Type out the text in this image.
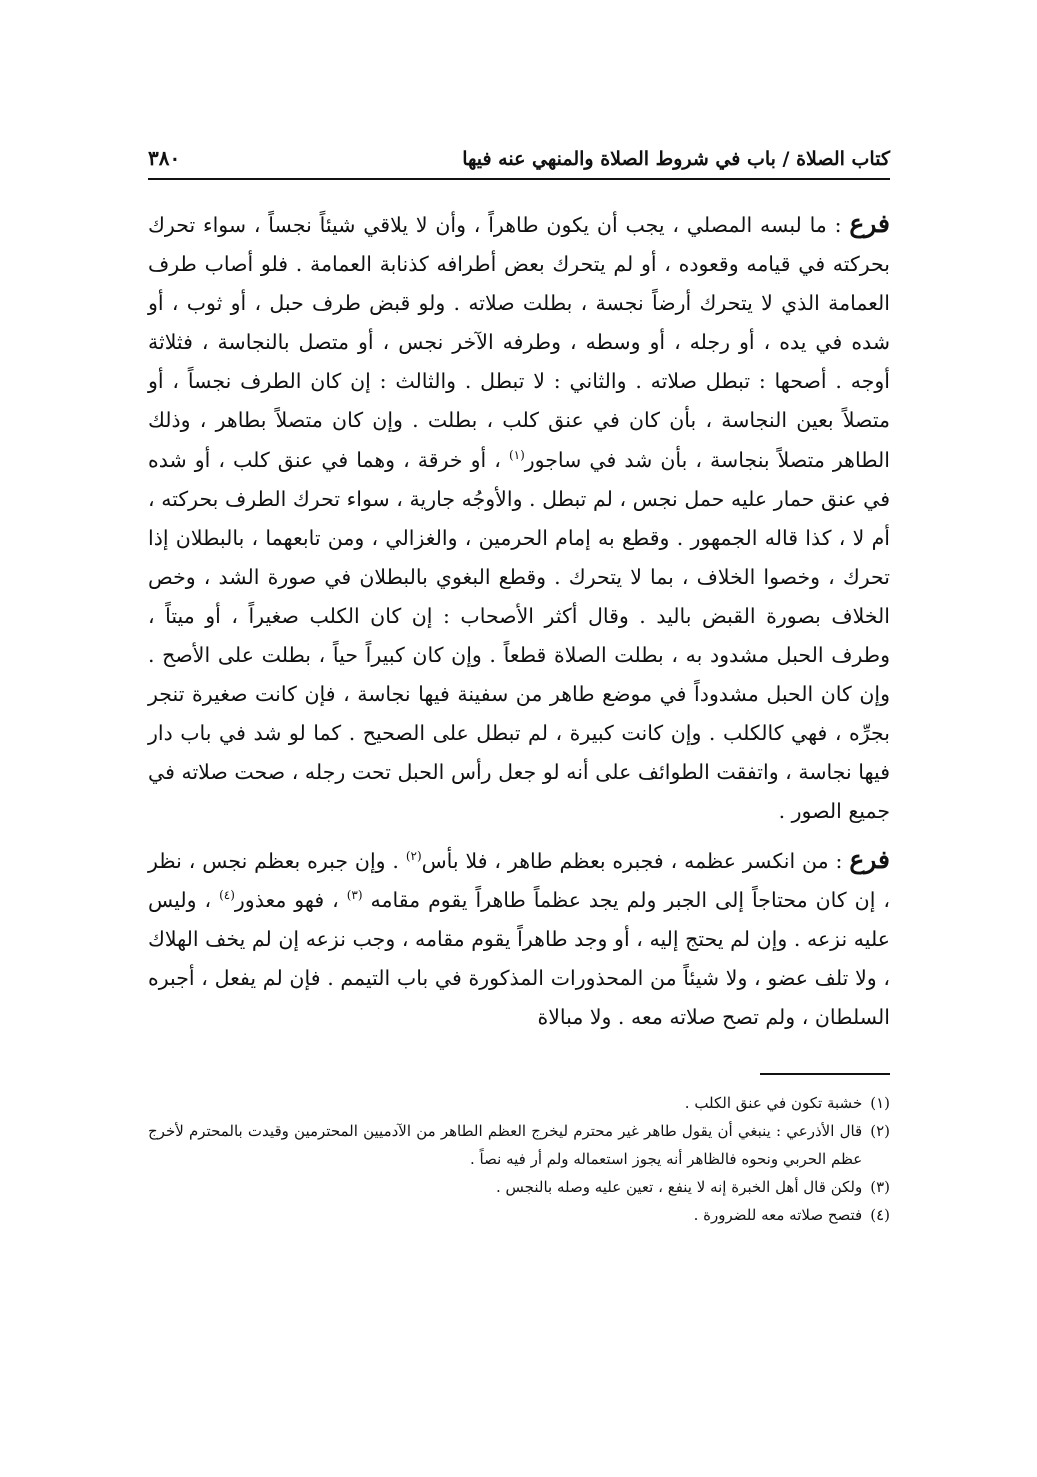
كتاب الصلاة / باب في شروط الصلاة والمنهي عنه فيها
٣٨٠

فرع : ما لبسه المصلي ، يجب أن يكون طاهراً ، وأن لا يلاقي شيئاً نجساً ، سواء تحرك بحركته في قيامه وقعوده ، أو لم يتحرك بعض أطرافه كذنابة العمامة . فلو أصاب طرف العمامة الذي لا يتحرك أرضاً نجسة ، بطلت صلاته . ولو قبض طرف حبل ، أو ثوب ، أو شده في يده ، أو رجله ، أو وسطه ، وطرفه الآخر نجس ، أو متصل بالنجاسة ، فثلاثة أوجه . أصحها : تبطل صلاته . والثاني : لا تبطل . والثالث : إن كان الطرف نجساً ، أو متصلاً بعين النجاسة ، بأن كان في عنق كلب ، بطلت . وإن كان متصلاً بطاهر ، وذلك الطاهر متصلاً بنجاسة ، بأن شد في ساجور$^{(١)}$ ، أو خرقة ، وهما في عنق كلب ، أو شده في عنق حمار عليه حمل نجس ، لم تبطل . والأوجُه جارية ، سواء تحرك الطرف بحركته ، أم لا ، كذا قاله الجمهور . وقطع به إمام الحرمين ، والغزالي ، ومن تابعهما ، بالبطلان إذا تحرك ، وخصوا الخلاف ، بما لا يتحرك . وقطع البغوي بالبطلان في صورة الشد ، وخص الخلاف بصورة القبض باليد . وقال أكثر الأصحاب : إن كان الكلب صغيراً ، أو ميتاً ، وطرف الحبل مشدود به ، بطلت الصلاة قطعاً . وإن كان كبيراً حياً ، بطلت على الأصح . وإن كان الحبل مشدوداً في موضع طاهر من سفينة فيها نجاسة ، فإن كانت صغيرة تنجر بجرِّه ، فهي كالكلب . وإن كانت كبيرة ، لم تبطل على الصحيح . كما لو شد في باب دار فيها نجاسة ، واتفقت الطوائف على أنه لو جعل رأس الحبل تحت رجله ، صحت صلاته في جميع الصور .

فرع : من انكسر عظمه ، فجبره بعظم طاهر ، فلا بأس$^{(٢)}$ . وإن جبره بعظم نجس ، نظر ، إن كان محتاجاً إلى الجبر ولم يجد عظماً طاهراً يقوم مقامه $^{(٣)}$ ، فهو معذور$^{(٤)}$ ، وليس عليه نزعه . وإن لم يحتج إليه ، أو وجد طاهراً يقوم مقامه ، وجب نزعه إن لم يخف الهلاك ، ولا تلف عضو ، ولا شيئاً من المحذورات المذكورة في باب التيمم . فإن لم يفعل ، أجبره السلطان ، ولم تصح صلاته معه . ولا مبالاة

(١)
خشبة تكون في عنق الكلب .
(٢)
قال الأذرعي : ينبغي أن يقول طاهر غير محترم ليخرج العظم الطاهر من الآدميين المحترمين وقيدت بالمحترم لأخرج عظم الحربي ونحوه فالظاهر أنه يجوز استعماله ولم أر فيه نصاً .
(٣)
ولكن قال أهل الخبرة إنه لا ينفع ، تعين عليه وصله بالنجس .
(٤)
فتصح صلاته معه للضرورة .
